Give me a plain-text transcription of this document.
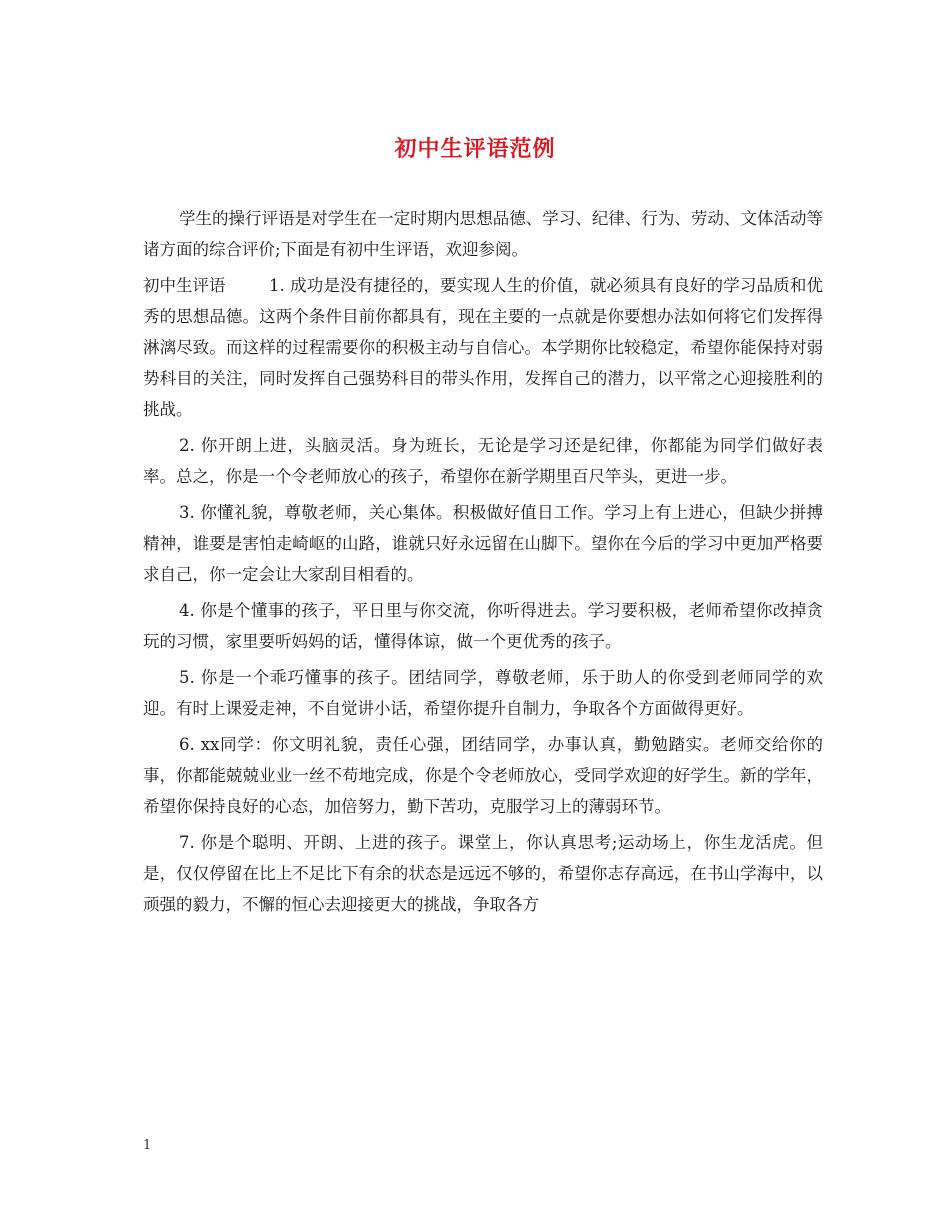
初中生评语范例

学生的操行评语是对学生在一定时期内思想品德、学习、纪律、行为、劳动、文体活动等诸方面的综合评价;下面是有初中生评语，欢迎参阅。

初中生评语	1. 成功是没有捷径的，要实现人生的价值，就必须具有良好的学习品质和优秀的思想品德。这两个条件目前你都具有，现在主要的一点就是你要想办法如何将它们发挥得淋漓尽致。而这样的过程需要你的积极主动与自信心。本学期你比较稳定，希望你能保持对弱势科目的关注，同时发挥自己强势科目的带头作用，发挥自己的潜力，以平常之心迎接胜利的挑战。

2. 你开朗上进，头脑灵活。身为班长，无论是学习还是纪律，你都能为同学们做好表率。总之，你是一个令老师放心的孩子，希望你在新学期里百尺竿头，更进一步。

3. 你懂礼貌，尊敬老师，关心集体。积极做好值日工作。学习上有上进心，但缺少拼搏精神，谁要是害怕走崎岖的山路，谁就只好永远留在山脚下。望你在今后的学习中更加严格要求自己，你一定会让大家刮目相看的。

4. 你是个懂事的孩子，平日里与你交流，你听得进去。学习要积极，老师希望你改掉贪玩的习惯，家里要听妈妈的话，懂得体谅，做一个更优秀的孩子。

5. 你是一个乖巧懂事的孩子。团结同学，尊敬老师，乐于助人的你受到老师同学的欢迎。有时上课爱走神，不自觉讲小话，希望你提升自制力，争取各个方面做得更好。

6. xx同学：你文明礼貌，责任心强，团结同学，办事认真，勤勉踏实。老师交给你的事，你都能兢兢业业一丝不苟地完成，你是个令老师放心，受同学欢迎的好学生。新的学年，希望你保持良好的心态，加倍努力，勤下苦功，克服学习上的薄弱环节。

7. 你是个聪明、开朗、上进的孩子。课堂上，你认真思考;运动场上，你生龙活虎。但是，仅仅停留在比上不足比下有余的状态是远远不够的，希望你志存高远，在书山学海中，以顽强的毅力，不懈的恒心去迎接更大的挑战，争取各方

1
